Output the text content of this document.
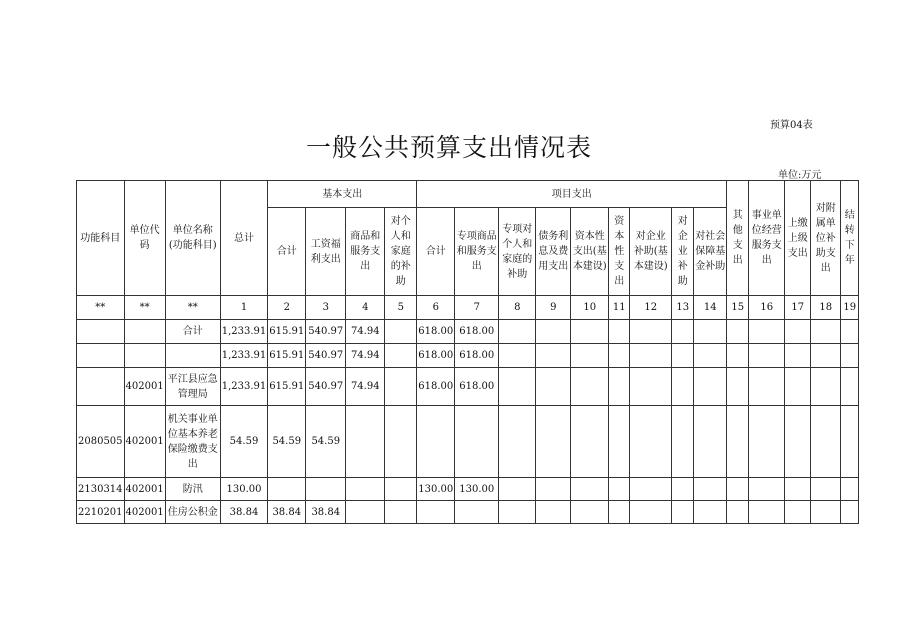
预算04表
一般公共预算支出情况表
单位:万元
功能科目	单位代码	单位名称(功能科目)	总计	基本支出				项目支出									其他支出	事业单位经营服务支出	上缴上级支出	对附属单位补助支出	结转下年
				合计	工资福利支出	商品和服务支出	对个人和家庭的补助	合计	专项商品和服务支出	专项对个人和家庭的补助	债务利息及费用支出	资本性支出(基本建设)	资本性支出	对企业补助(基本建设)	对企业补助	对社会保障基金补助					
**	**	**	1	2	3	4	5	6	7	8	9	10	11	12	13	14	15	16	17	18	19
		合计	1,233.91	615.91	540.97	74.94		618.00	618.00												
			1,233.91	615.91	540.97	74.94		618.00	618.00												
	402001	平江县应急管理局	1,233.91	615.91	540.97	74.94		618.00	618.00												
2080505	402001	机关事业单位基本养老保险缴费支出	54.59	54.59	54.59																
2130314	402001	防汛	130.00					130.00	130.00												
2210201	402001	住房公积金	38.84	38.84	38.84																
